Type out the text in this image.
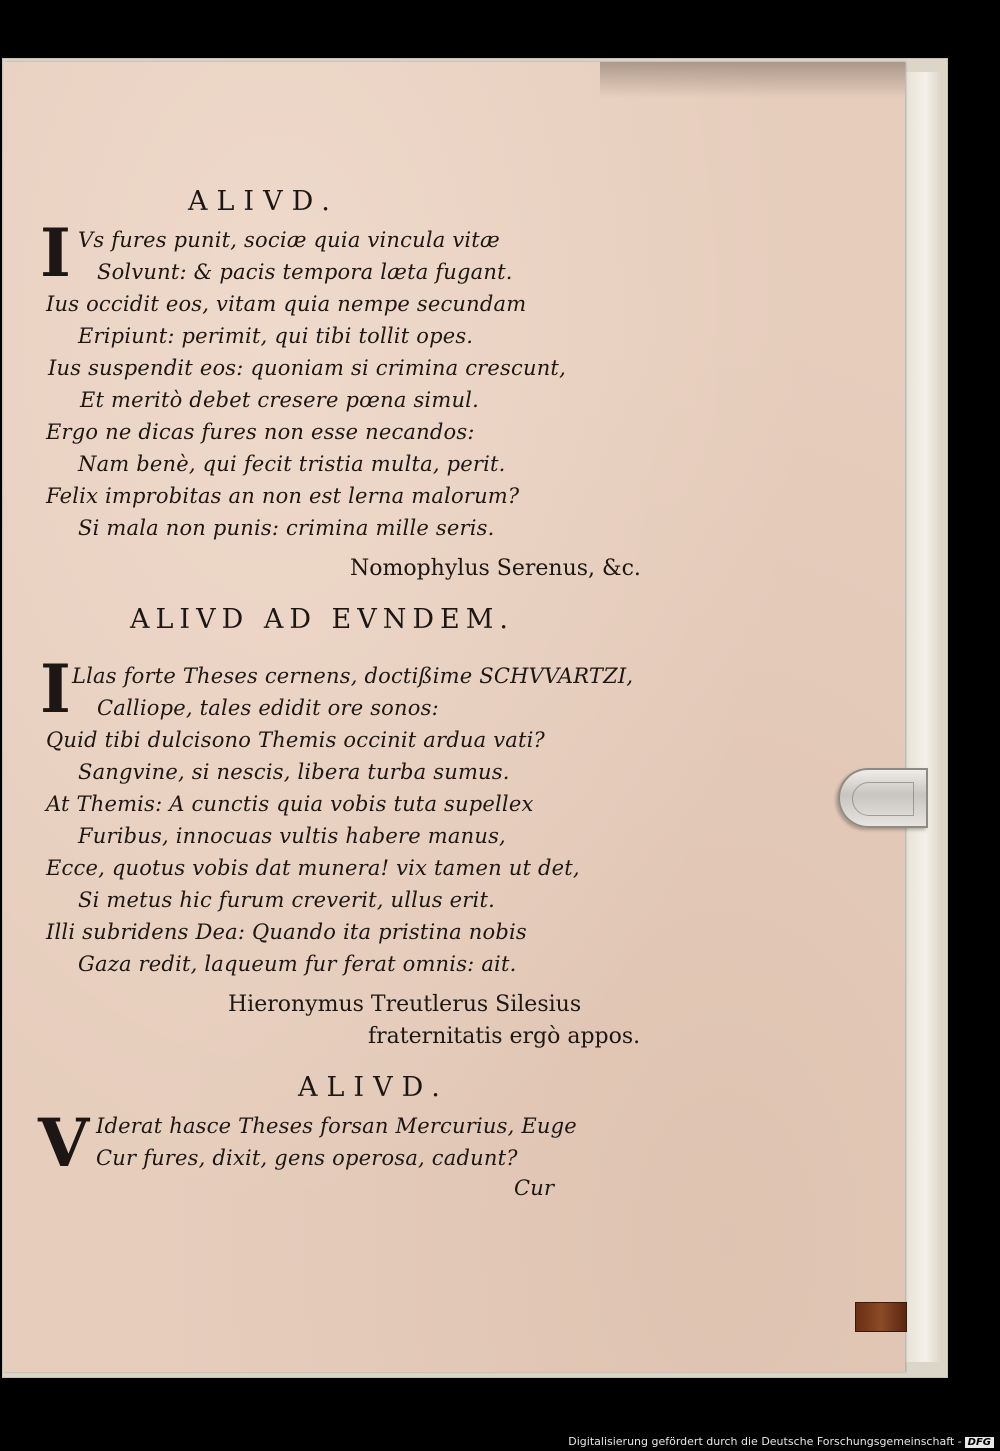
ALIVD.
I Vs fures punit, sociæ quia vincula vitæ
Solvunt: & pacis tempora læta fugant.
Ius occidit eos, vitam quia nempe secundam
Eripiunt: perimit, qui tibi tollit opes.
Ius suspendit eos: quoniam si crimina crescunt,
Et meritò debet cresere pœna simul.
Ergo ne dicas fures non esse necandos:
Nam benè, qui fecit tristia multa, perit.
Felix improbitas an non est lerna malorum?
Si mala non punis: crimina mille seris.
Nomophylus Serenus, &c.
ALIVD AD EVNDEM.
I Llas forte Theses cernens, doctißime SCHVVARTZI,
Calliope, tales edidit ore sonos:
Quid tibi dulcisono Themis occinit ardua vati?
Sangvine, si nescis, libera turba sumus.
At Themis: A cunctis quia vobis tuta supellex
Furibus, innocuas vultis habere manus,
Ecce, quotus vobis dat munera! vix tamen ut det,
Si metus hic furum creverit, ullus erit.
Illi subridens Dea: Quando ita pristina nobis
Gaza redit, laqueum fur ferat omnis: ait.
Hieronymus Treutlerus Silesius
fraternitatis ergò appos.
ALIVD.
V Iderat hasce Theses forsan Mercurius, Euge
Cur fures, dixit, gens operosa, cadunt?
Cur
Digitalisierung gefördert durch die Deutsche Forschungsgemeinschaft - DFG
